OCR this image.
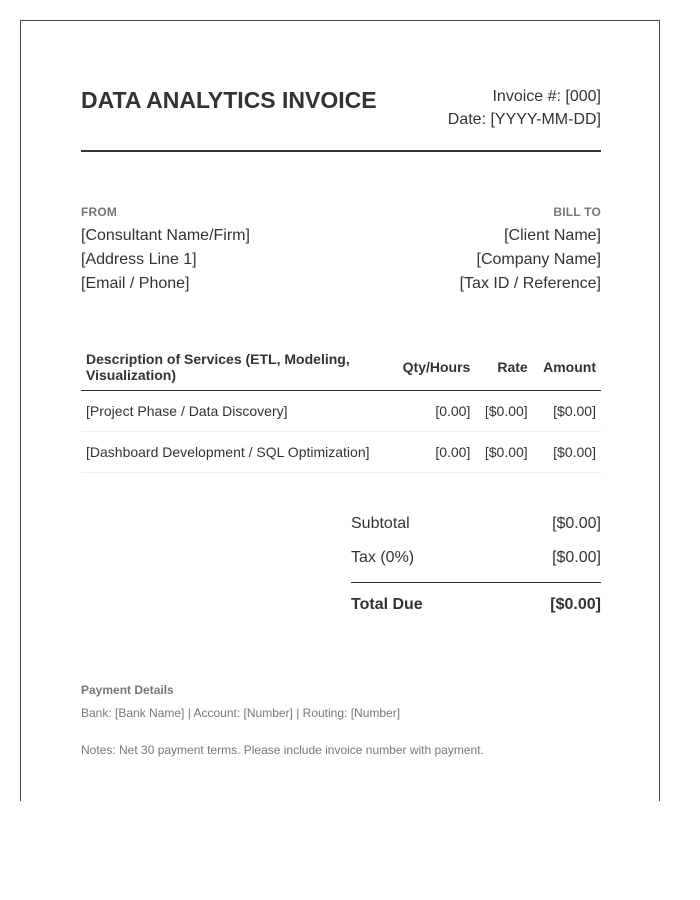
DATA ANALYTICS INVOICE	Invoice #: [000]
Date: [YYYY-MM-DD]
FROM
[Consultant Name/Firm]
[Address Line 1]
[Email / Phone]
BILL TO
[Client Name]
[Company Name]
[Tax ID / Reference]
Description of Services (ETL, Modeling, Visualization)	Qty/Hours	Rate	Amount
[Project Phase / Data Discovery]	[0.00]	[$0.00]	[$0.00]
[Dashboard Development / SQL Optimization]	[0.00]	[$0.00]	[$0.00]
Subtotal	[$0.00]
Tax (0%)	[$0.00]
Total Due	[$0.00]
Payment Details
Bank: [Bank Name] | Account: [Number] | Routing: [Number]
Notes: Net 30 payment terms. Please include invoice number with payment.
